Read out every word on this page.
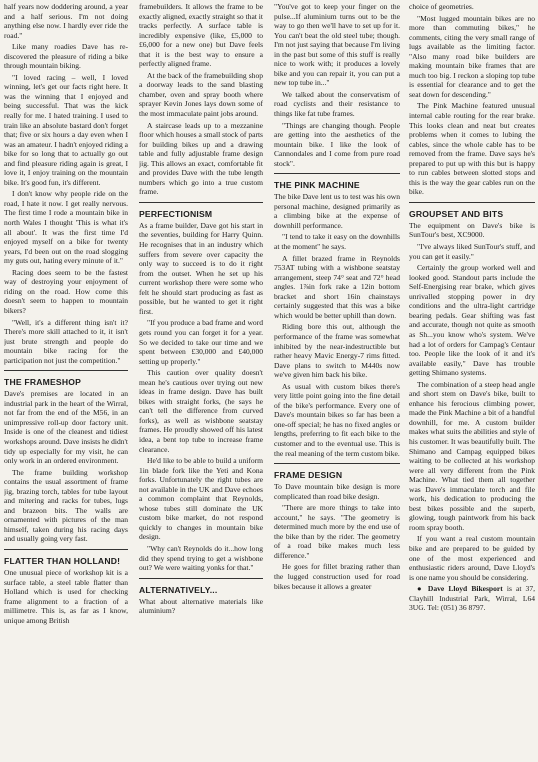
half years now doddering around, a year and a half serious. I'm not doing anything else now. I hardly ever ride the road."

Like many roadies Dave has re-discovered the pleasure of riding a bike through mountain biking.

"I loved racing – well, I loved winning, let's get our facts right here. It was the winning that I enjoyed and being successful. That was the kick really for me. I hated training. I used to train like an absolute bastard don't forget that; five or six hours a day even when I was an amateur. I hadn't enjoyed riding a bike for so long that to actually go out and find pleasure riding again is great, I love it, I enjoy training on the mountain bike. It's good fun, it's different.

I don't know why people ride on the road, I hate it now. I get really nervous. The first time I rode a mountain bike in north Wales I thought 'This is what it's all about'. It was the first time I'd enjoyed myself on a bike for twenty years, I'd been out on the road slogging my guts out, hating every minute of it."

Racing does seem to be the fastest way of destroying your enjoyment of riding on the road. How come this doesn't seem to happen to mountain bikers?

"Well, it's a different thing isn't it? There's more skill attached to it, it isn't just brute strength and people do mountain bike racing for the participation not just the competition."

THE FRAMESHOP

Dave's premises are located in an industrial park in the heart of the Wirral, not far from the end of the M56, in an unimpressive roll-up door factory unit. Inside is one of the cleanest and tidiest workshops around. Dave insists he didn't tidy up especially for my visit, he can only work in an ordered environment.

The frame building workshop contains the usual assortment of frame jig, brazing torch, tables for tube layout and mitering and racks for tubes, lugs and brazeon bits. The walls are ornamented with pictures of the man himself, taken during his racing days and usually going very fast.

FLATTER THAN HOLLAND!

One unusual piece of workshop kit is a surface table, a steel table flatter than Holland which is used for checking frame alignment to a fraction of a millimetre. This is, as far as I know, unique among British

framebuilders. It allows the frame to be exactly aligned, exactly straight so that it tracks perfectly. A surface table is incredibly expensive (like, £5,000 to £6,000 for a new one) but Dave feels that it is the best way to ensure a perfectly aligned frame.

At the back of the framebuilding shop a doorway leads to the sand blasting chamber, oven and spray booth where sprayer Kevin Jones lays down some of the most immaculate paint jobs around.

A staircase leads up to a mezzanine floor which houses a small stock of parts for building bikes up and a drawing table and fully adjustable frame design jig. This allows an exact, comfortable fit and provides Dave with the tube length numbers which go into a true custom frame.

PERFECTIONISM

As a frame builder, Dave got his start in the seventies, building for Harry Quinn. He recognises that in an industry which suffers from severe over capacity the only way to succeed is to do it right from the outset. When he set up his current workshop there were some who felt he should start producing as fast as possible, but he wanted to get it right first.

"If you produce a bad frame and word gets round you can forget it for a year. So we decided to take our time and we spent between £30,000 and £40,000 setting up properly."

This caution over quality doesn't mean he's cautious over trying out new ideas in frame design. Dave has built bikes with straight forks, (he says he can't tell the difference from curved forks), as well as wishbone seatstay frames. He proudly showed off his latest idea, a bent top tube to increase frame clearance.

He'd like to be able to build a uniform 1in blade fork like the Yeti and Kona forks. Unfortunately the right tubes are not available in the UK and Dave echoes a common complaint that Reynolds, whose tubes still dominate the UK custom bike market, do not respond quickly to changes in mountain bike design.

"Why can't Reynolds do it...how long did they spend trying to get a wishbone out? We were waiting yonks for that."

ALTERNATIVELY...

What about alternative materials like aluminium?

"You've got to keep your finger on the pulse...If aluminium turns out to be the way to go then we'll have to set up for it. You can't beat the old steel tube; though. I'm not just saying that because I'm living in the past but some of this stuff is really nice to work with; it produces a lovely bike and you can repair it, you can put a new top tube in..."

We talked about the conservatism of road cyclists and their resistance to things like fat tube frames.

"Things are changing though. People are getting into the aesthetics of the mountain bike. I like the look of Cannondales and I come from pure road stock".

THE PINK MACHINE

The bike Dave lent us to test was his own personal machine, designed primarily as a climbing bike at the expense of downhill performance.

"I tend to take it easy on the downhills at the moment" he says.

A fillet brazed frame in Reynolds 753AT tubing with a wishbone seatstay arrangement, steep 74° seat and 72° head angles. 1⅞in fork rake a 12in bottom bracket and short 16in chainstays certainly suggested that this was a bike which would be better uphill than down.

Riding bore this out, although the performance of the frame was somewhat inhibited by the near-indestructible but rather heavy Mavic Energy-7 rims fitted. Dave plans to switch to M440s now we've given him back his bike.

As usual with custom bikes there's very little point going into the fine detail of the bike's performance. Every one of Dave's mountain bikes so far has been a one-off special; he has no fixed angles or lengths, preferring to fit each bike to the customer and to the eventual use. This is the real meaning of the term custom bike.

FRAME DESIGN

To Dave mountain bike design is more complicated than road bike design.

"There are more things to take into account," he says. "The geometry is determined much more by the end use of the bike than by the rider. The geometry of a road bike makes much less difference."

He goes for fillet brazing rather than the lugged construction used for road bikes because it allows a greater

choice of geometries.

"Most lugged mountain bikes are no more than commuting bikes," he comments, citing the very small range of lugs available as the limiting factor. "Also many road bike builders are making mountain bike frames that are much too big. I reckon a sloping top tube is essential for clearance and to get the seat down for descending."

The Pink Machine featured unusual internal cable routing for the rear brake. This looks clean and neat but creates problems when it comes to lubing the cables, since the whole cable has to be removed from the frame. Dave says he's prepared to put up with this but is happy to run cables between slotted stops and this is the way the gear cables run on the bike.

GROUPSET AND BITS

The equipment on Dave's bike is SunTour's best, XC9000.

"I've always liked SunTour's stuff, and you can get it easily."

Certainly the group worked well and looked good. Standout parts include the Self-Energising rear brake, which gives unrivalled stopping power in dry conditions and the ultra-light cartridge bearing pedals. Gear shifting was fast and accurate, though not quite as smooth as Sh...you know who's system. We've had a lot of orders for Campag's Centaur too. People like the look of it and it's available easily," Dave has trouble getting Shimano systems.

The combination of a steep head angle and short stem on Dave's bike, built to enhance his ferocious climbing power, made the Pink Machine a bit of a handful downhill, for me. A custom builder makes what suits the abilities and style of his customer. It was beautifully built. The Shimano and Campag equipped bikes waiting to be collected at his workshop were all very different from the Pink Machine. What tied them all together was Dave's immaculate torch and file work, his dedication to producing the best bikes possible and the superb, glowing, tough paintwork from his back room spray booth.

If you want a real custom mountain bike and are prepared to be guided by one of the most experienced and enthusiastic riders around, Dave Lloyd's is one name you should be considering.

● Dave Lloyd Bikesport is at 37, Clayhill Industrial Park, Wirral, L64 3UG. Tel: (051) 36 8797.
